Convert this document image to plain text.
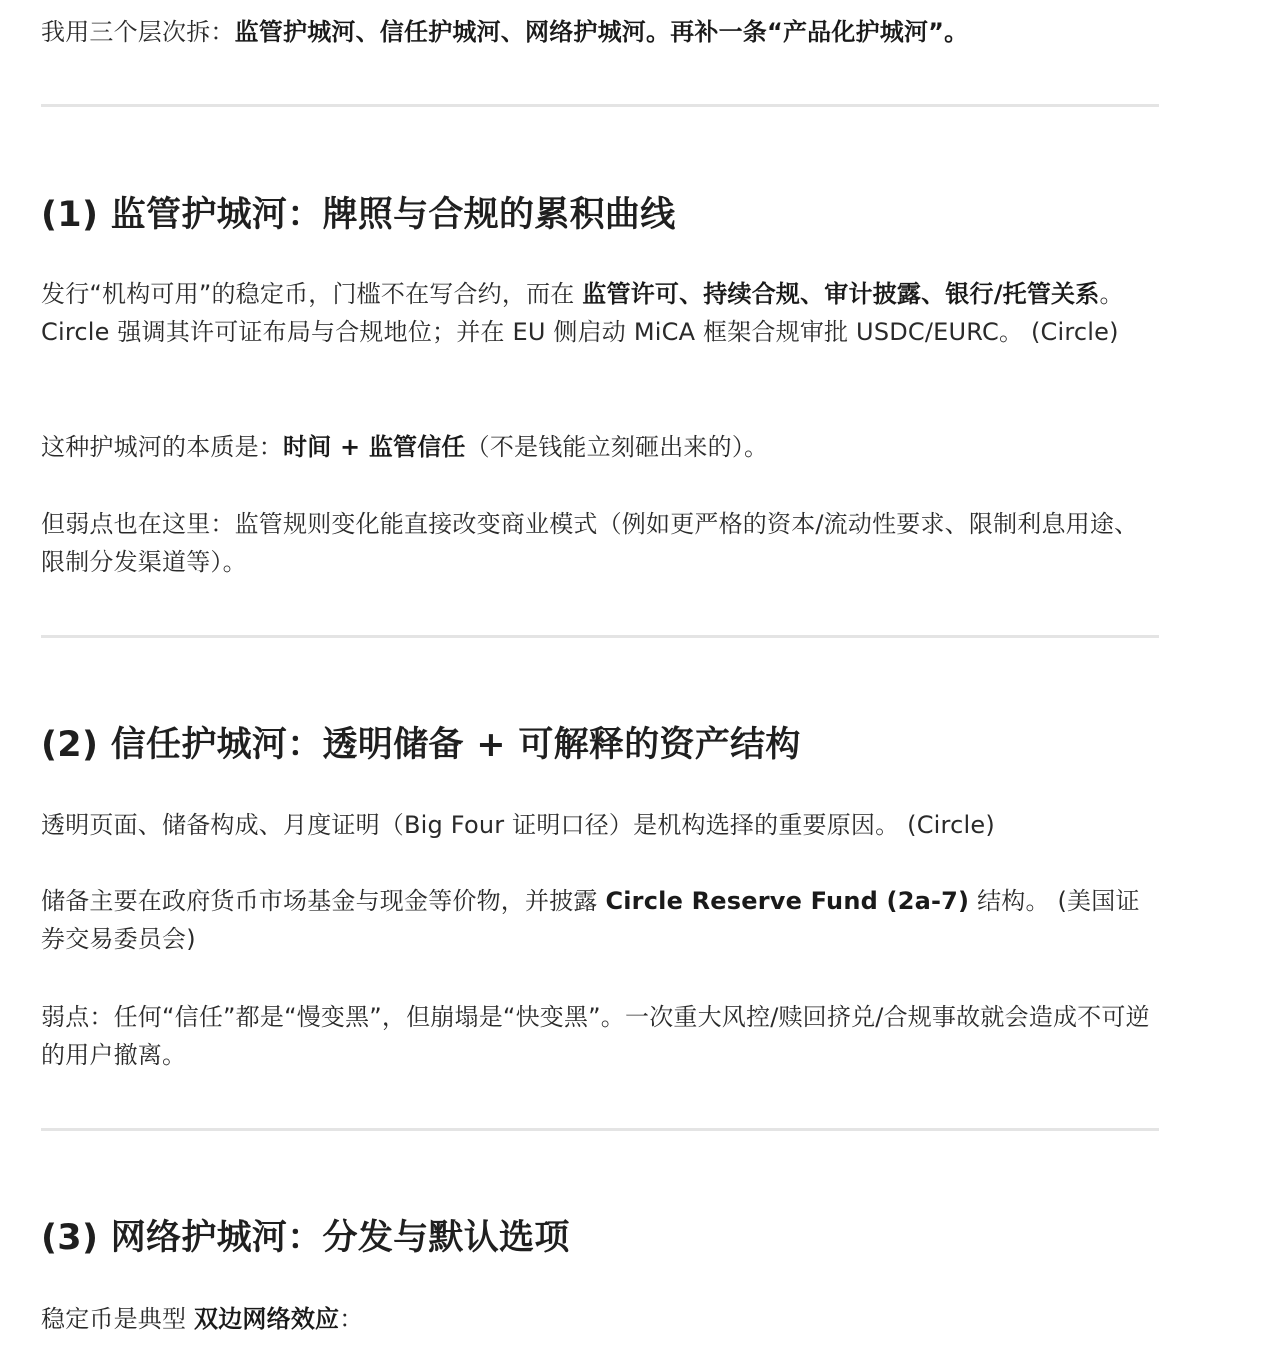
我用三个层次拆：监管护城河、信任护城河、网络护城河。再补一条“产品化护城河”。

(1) 监管护城河：牌照与合规的累积曲线

发行“机构可用”的稳定币，门槛不在写合约，而在 监管许可、持续合规、审计披露、银行/托管关系。Circle 强调其许可证布局与合规地位；并在 EU 侧启动 MiCA 框架合规审批 USDC/EURC。 (Circle)

这种护城河的本质是：时间 + 监管信任（不是钱能立刻砸出来的）。

但弱点也在这里：监管规则变化能直接改变商业模式（例如更严格的资本/流动性要求、限制利息用途、限制分发渠道等）。

(2) 信任护城河：透明储备 + 可解释的资产结构

透明页面、储备构成、月度证明（Big Four 证明口径）是机构选择的重要原因。 (Circle)

储备主要在政府货币市场基金与现金等价物，并披露 Circle Reserve Fund (2a-7) 结构。 (美国证券交易委员会)

弱点：任何“信任”都是“慢变黑”，但崩塌是“快变黑”。一次重大风控/赎回挤兑/合规事故就会造成不可逆的用户撤离。

(3) 网络护城河：分发与默认选项

稳定币是典型 双边网络效应：
